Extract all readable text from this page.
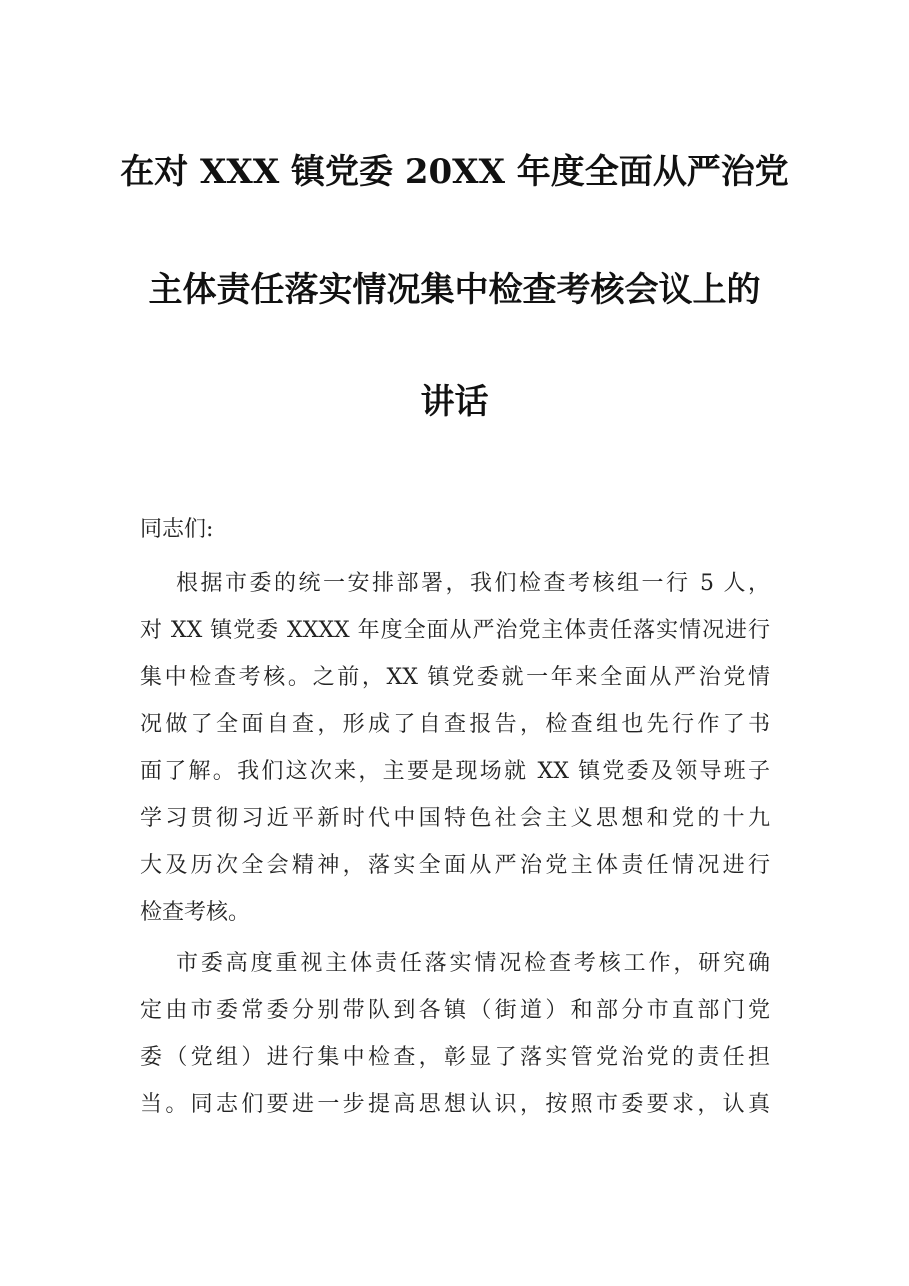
在对 XXX 镇党委 20XX 年度全面从严治党
主体责任落实情况集中检查考核会议上的
讲话
同志们:
根据市委的统一安排部署，我们检查考核组一行 5 人，
对 XX 镇党委 XXXX 年度全面从严治党主体责任落实情况进行
集中检查考核。之前，XX 镇党委就一年来全面从严治党情
况做了全面自查，形成了自查报告，检查组也先行作了书
面了解。我们这次来，主要是现场就 XX 镇党委及领导班子
学习贯彻习近平新时代中国特色社会主义思想和党的十九
大及历次全会精神，落实全面从严治党主体责任情况进行
检查考核。
市委高度重视主体责任落实情况检查考核工作，研究确
定由市委常委分别带队到各镇（街道）和部分市直部门党
委（党组）进行集中检查，彰显了落实管党治党的责任担
当。同志们要进一步提高思想认识，按照市委要求，认真
